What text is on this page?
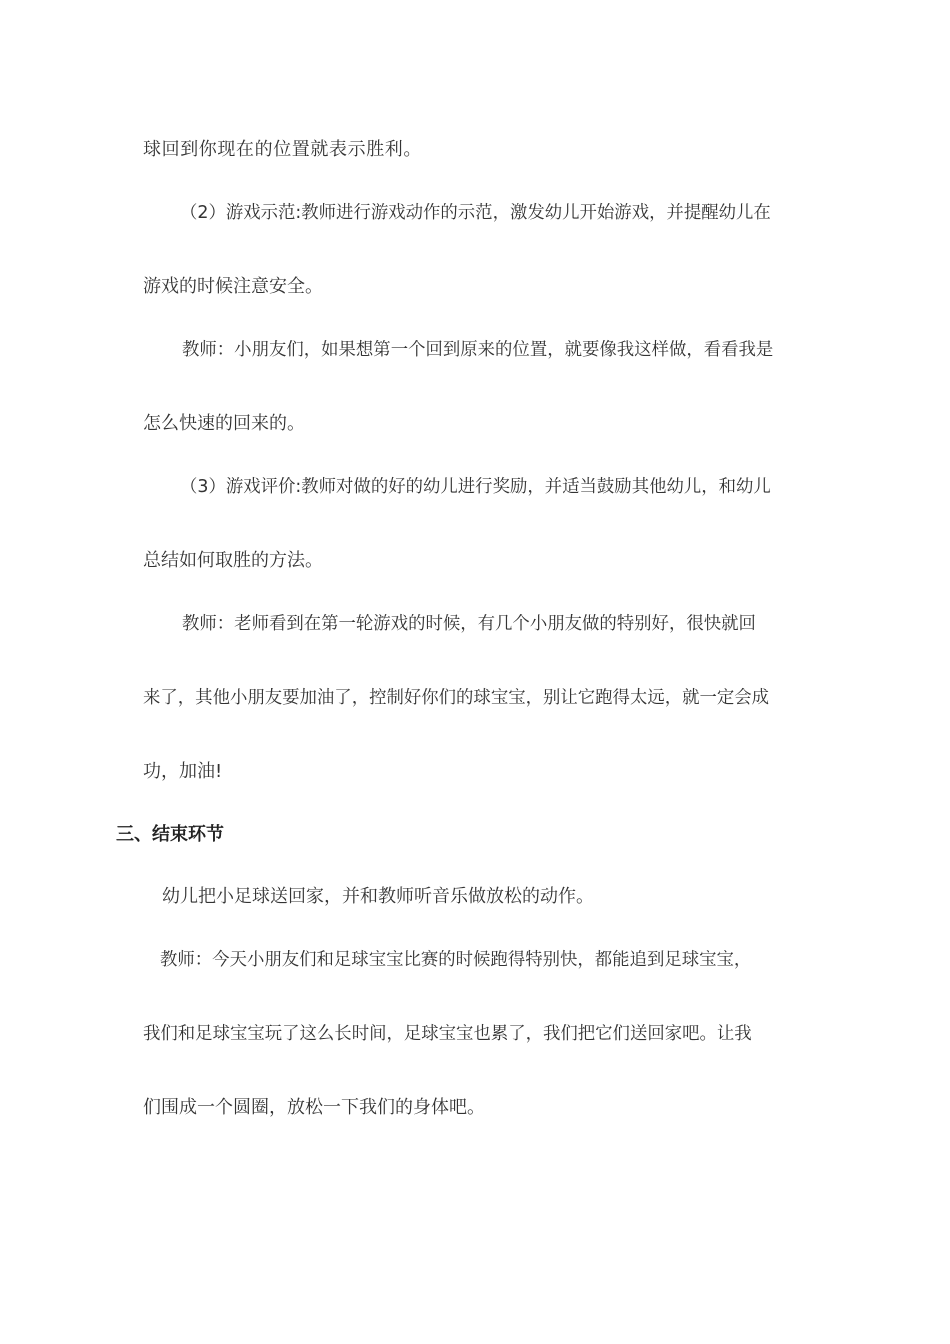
球回到你现在的位置就表示胜利。
（2）游戏示范:教师进行游戏动作的示范，激发幼儿开始游戏，并提醒幼儿在
游戏的时候注意安全。
教师：小朋友们，如果想第一个回到原来的位置，就要像我这样做，看看我是
怎么快速的回来的。
（3）游戏评价:教师对做的好的幼儿进行奖励，并适当鼓励其他幼儿，和幼儿
总结如何取胜的方法。
教师：老师看到在第一轮游戏的时候，有几个小朋友做的特别好，很快就回
来了，其他小朋友要加油了，控制好你们的球宝宝，别让它跑得太远，就一定会成
功，加油!
三、结束环节
幼儿把小足球送回家，并和教师听音乐做放松的动作。
教师：今天小朋友们和足球宝宝比赛的时候跑得特别快，都能追到足球宝宝，
我们和足球宝宝玩了这么长时间，足球宝宝也累了，我们把它们送回家吧。让我
们围成一个圆圈，放松一下我们的身体吧。
